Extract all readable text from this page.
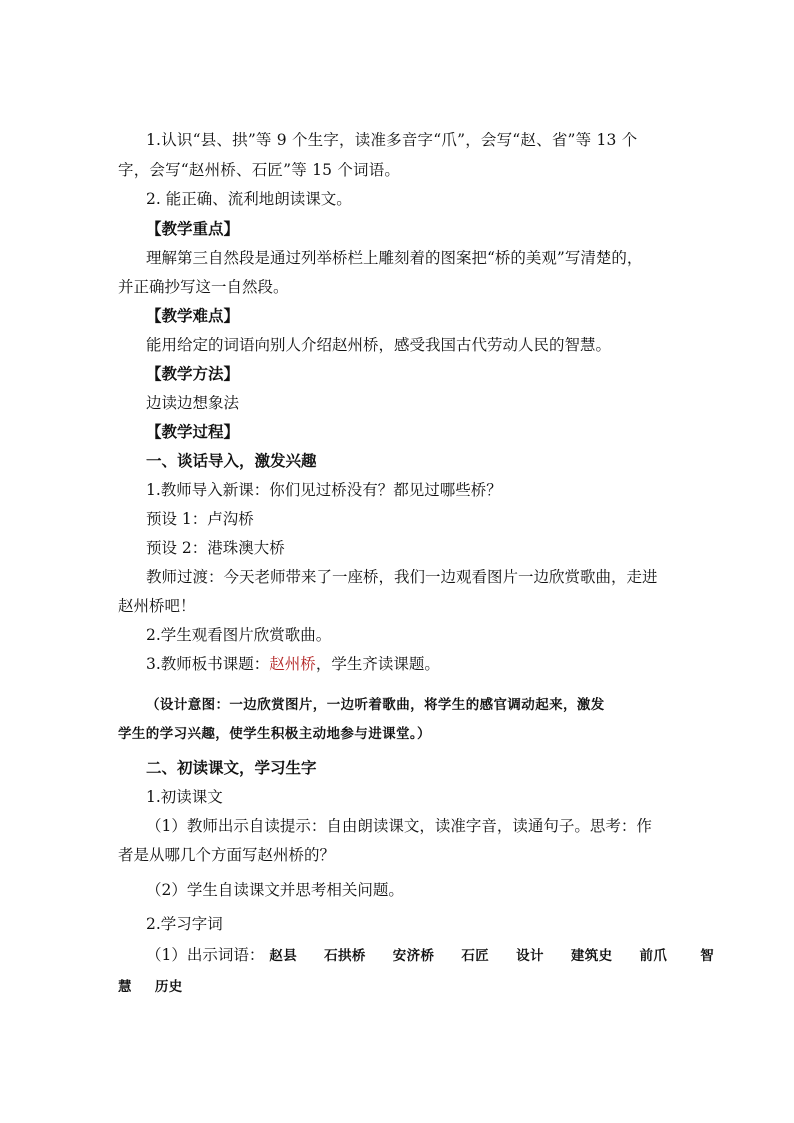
1.认识“县、拱”等 9 个生字，读准多音字“爪”，会写“赵、省”等 13 个
字，会写“赵州桥、石匠”等 15 个词语。
2. 能正确、流利地朗读课文。
【教学重点】
理解第三自然段是通过列举桥栏上雕刻着的图案把“桥的美观”写清楚的，
并正确抄写这一自然段。
【教学难点】
能用给定的词语向别人介绍赵州桥，感受我国古代劳动人民的智慧。
【教学方法】
边读边想象法
【教学过程】
一、谈话导入，激发兴趣
1.教师导入新课：你们见过桥没有？都见过哪些桥？
预设 1：卢沟桥
预设 2：港珠澳大桥
教师过渡：今天老师带来了一座桥，我们一边观看图片一边欣赏歌曲，走进
赵州桥吧！
2.学生观看图片欣赏歌曲。
3.教师板书课题：赵州桥，学生齐读课题。
（设计意图：一边欣赏图片，一边听着歌曲，将学生的感官调动起来，激发
学生的学习兴趣，使学生积极主动地参与进课堂。）
二、初读课文，学习生字
1.初读课文
（1）教师出示自读提示：自由朗读课文，读准字音，读通句子。思考：作
者是从哪几个方面写赵州桥的？
（2）学生自读课文并思考相关问题。
2.学习字词
（1）出示词语： 赵县 石拱桥 安济桥 石匠 设计 建筑史 前爪 智
慧 历史
